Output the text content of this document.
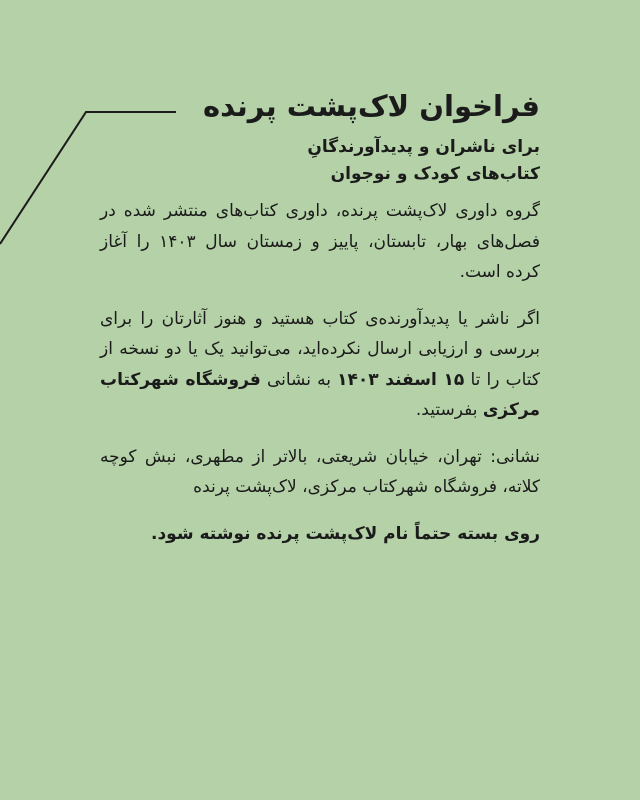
فراخوان لاک‌پشت پرنده
برای ناشران و پدیدآورندگانِ
کتاب‌های کودک و نوجوان

گروه داوری لاک‌پشت پرنده، داوری کتاب‌های منتشر شده در فصل‌های بهار، تابستان، پاییز و زمستان سال ۱۴۰۳ را آغاز کرده است.

اگر ناشر یا پدیدآورنده‌ی کتاب هستید و هنوز آثارتان را برای بررسی و ارزیابی ارسال نکرده‌اید، می‌توانید یک یا دو نسخه از کتاب را تا ۱۵ اسفند ۱۴۰۳ به نشانی فروشگاه شهرکتاب مرکزی بفرستید.

نشانی: تهران، خیابان شریعتی، بالاتر از مطهری، نبش کوچه کلاته، فروشگاه شهرکتاب مرکزی، لاک‌پشت پرنده

روی بسته حتماً نام لاک‌پشت پرنده نوشته شود.
